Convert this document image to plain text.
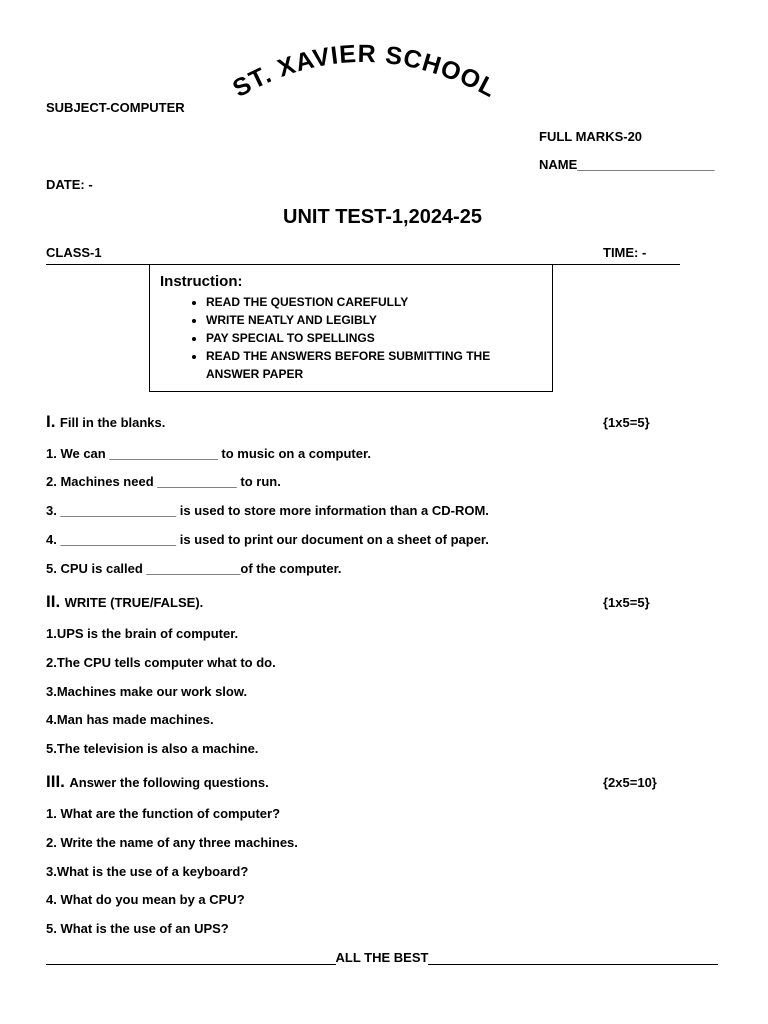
ST. XAVIER SCHOOL
SUBJECT-COMPUTER
FULL MARKS-20
NAME___________________
DATE: -
UNIT TEST-1,2024-25
CLASS-1	TIME: -
Instruction:
• READ THE QUESTION CAREFULLY
• WRITE NEATLY AND LEGIBLY
• PAY SPECIAL TO SPELLINGS
• READ THE ANSWERS BEFORE SUBMITTING THE ANSWER PAPER
I. Fill in the blanks.	{1x5=5}
1. We can _______________ to music on a computer.
2. Machines need ___________ to run.
3. ________________ is used to store more information than a CD-ROM.
4. ________________ is used to print our document on a sheet of paper.
5. CPU is called _____________of the computer.
II. WRITE (TRUE/FALSE).	{1x5=5}
1.UPS is the brain of computer.
2.The CPU tells computer what to do.
3.Machines make our work slow.
4.Man has made machines.
5.The television is also a machine.
III. Answer the following questions.	{2x5=10}
1. What are the function of computer?
2. Write the name of any three machines.
3.What is the use of a keyboard?
4. What do you mean by a CPU?
5. What is the use of an UPS?
ALL THE BEST
